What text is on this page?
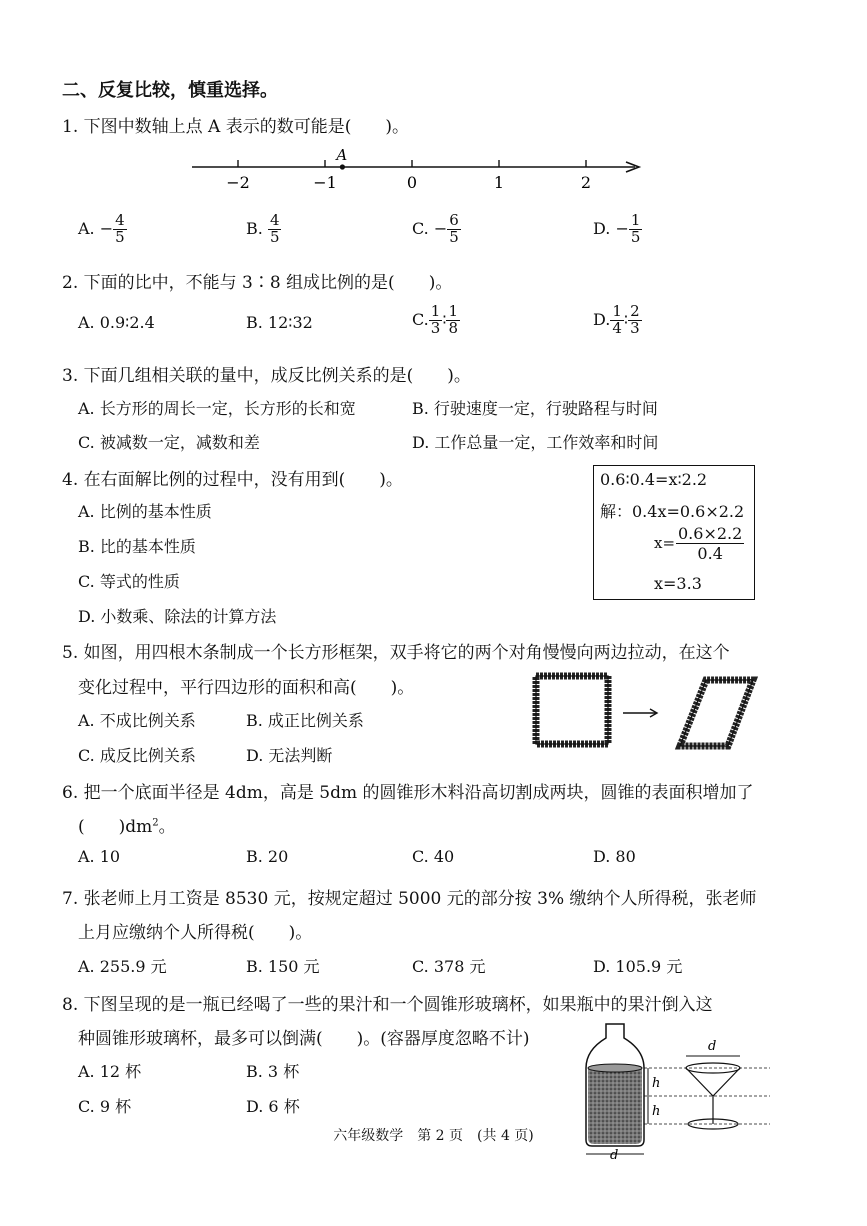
二、反复比较，慎重选择。
1. 下图中数轴上点 A 表示的数可能是(　　)。
−2	−1	0	1	2
A
A. − $\frac{4}{5}$	B. $\frac{4}{5}$	C. − $\frac{6}{5}$	D. − $\frac{1}{5}$
2. 下面的比中，不能与 3∶8 组成比例的是(　　)。
A. 0.9∶2.4	B. 12∶32	C. $\frac{1}{3}$ ∶ $\frac{1}{8}$	D. $\frac{1}{4}$ ∶ $\frac{2}{3}$
3. 下面几组相关联的量中，成反比例关系的是(　　)。
A. 长方形的周长一定，长方形的长和宽	B. 行驶速度一定，行驶路程与时间
C. 被减数一定，减数和差	D. 工作总量一定，工作效率和时间
4. 在右面解比例的过程中，没有用到(　　)。
A. 比例的基本性质
B. 比的基本性质
C. 等式的性质
D. 小数乘、除法的计算方法
0.6∶0.4=x∶2.2
解：0.4x=0.6×2.2
x= 0.6×2.2
0.4
x=3.3
5. 如图，用四根木条制成一个长方形框架，双手将它的两个对角慢慢向两边拉动，在这个
变化过程中，平行四边形的面积和高(　　)。
A. 不成比例关系	B. 成正比例关系
C. 成反比例关系	D. 无法判断
6. 把一个底面半径是 4dm，高是 5dm 的圆锥形木料沿高切割成两块，圆锥的表面积增加了
(　　)$dm^2$。
A. 10	B. 20	C. 40	D. 80
7. 张老师上月工资是 8530 元，按规定超过 5000 元的部分按 3% 缴纳个人所得税，张老师
上月应缴纳个人所得税(　　)。
A. 255.9 元	B. 150 元	C. 378 元	D. 105.9 元
8. 下图呈现的是一瓶已经喝了一些的果汁和一个圆锥形玻璃杯，如果瓶中的果汁倒入这
种圆锥形玻璃杯，最多可以倒满(　　)。(容器厚度忽略不计)
A. 12 杯	B. 3 杯
C. 9 杯	D. 6 杯
d
h
h
d
六年级数学　第 2 页　(共 4 页)
